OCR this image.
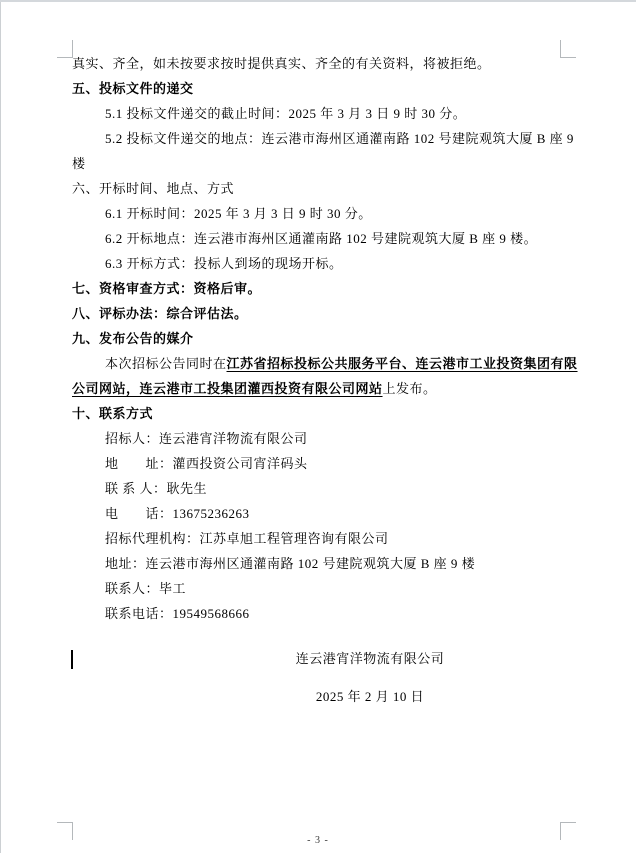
真实、齐全，如未按要求按时提供真实、齐全的有关资料，将被拒绝。
五、投标文件的递交
5.1 投标文件递交的截止时间：2025 年 3 月 3 日 9 时 30 分。
5.2 投标文件递交的地点：连云港市海州区通灌南路 102 号建院观筑大厦 B 座 9
楼
六、开标时间、地点、方式
6.1 开标时间：2025 年 3 月 3 日 9 时 30 分。
6.2 开标地点：连云港市海州区通灌南路 102 号建院观筑大厦 B 座 9 楼。
6.3 开标方式：投标人到场的现场开标。
七、资格审查方式：资格后审。
八、评标办法：综合评估法。
九、发布公告的媒介
本次招标公告同时在江苏省招标投标公共服务平台、连云港市工业投资集团有限
公司网站，连云港市工投集团灌西投资有限公司网站上发布。
十、联系方式
招标人：连云港宵洋物流有限公司
地　　址：灌西投资公司宵洋码头
联 系 人：耿先生
电　　话：13675236263
招标代理机构：江苏卓旭工程管理咨询有限公司
地址：连云港市海州区通灌南路 102 号建院观筑大厦 B 座 9 楼
联系人：毕工
联系电话：19549568666
连云港宵洋物流有限公司
2025 年 2 月 10 日
- 3 -
